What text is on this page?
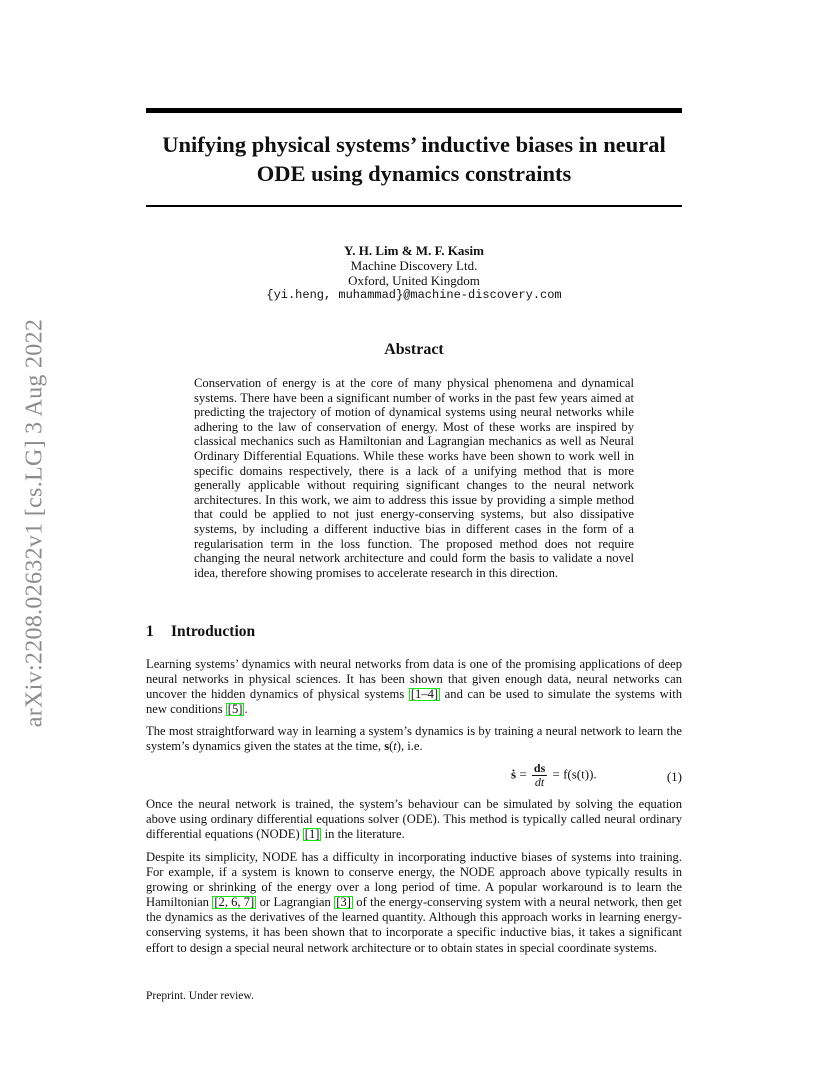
arXiv:2208.02632v1 [cs.LG] 3 Aug 2022
Unifying physical systems’ inductive biases in neural
ODE using dynamics constraints
Y. H. Lim & M. F. Kasim
Machine Discovery Ltd.
Oxford, United Kingdom
{yi.heng, muhammad}@machine-discovery.com
Abstract

Conservation of energy is at the core of many physical phenomena and dynamical systems. There have been a significant number of works in the past few years aimed at predicting the trajectory of motion of dynamical systems using neural networks while adhering to the law of conservation of energy. Most of these works are inspired by classical mechanics such as Hamiltonian and Lagrangian mechanics as well as Neural Ordinary Differential Equations. While these works have been shown to work well in specific domains respectively, there is a lack of a unifying method that is more generally applicable without requiring significant changes to the neural network architectures. In this work, we aim to address this issue by providing a simple method that could be applied to not just energy-conserving systems, but also dissipative systems, by including a different inductive bias in different cases in the form of a regularisation term in the loss function. The proposed method does not require changing the neural network architecture and could form the basis to validate a novel idea, therefore showing promises to accelerate research in this direction.

1 Introduction

Learning systems’ dynamics with neural networks from data is one of the promising applications of deep neural networks in physical sciences. It has been shown that given enough data, neural networks can uncover the hidden dynamics of physical systems [1–4] and can be used to simulate the systems with new conditions [5] .

The most straightforward way in learning a system’s dynamics is by training a neural network to learn the system’s dynamics given the states at the time, s(t), i.e.

ṡ = $\frac{ds}{dt} = f(s(t))$.	(1)

Once the neural network is trained, the system’s behaviour can be simulated by solving the equation above using ordinary differential equations solver (ODE). This method is typically called neural ordinary differential equations (NODE) [1] in the literature.

Despite its simplicity, NODE has a difficulty in incorporating inductive biases of systems into training. For example, if a system is known to conserve energy, the NODE approach above typically results in growing or shrinking of the energy over a long period of time. A popular workaround is to learn the Hamiltonian [2, 6, 7] or Lagrangian [3] of the energy-conserving system with a neural network, then get the dynamics as the derivatives of the learned quantity. Although this approach works in learning energy-conserving systems, it has been shown that to incorporate a specific inductive bias, it takes a significant effort to design a special neural network architecture or to obtain states in special coordinate systems.

Preprint. Under review.
